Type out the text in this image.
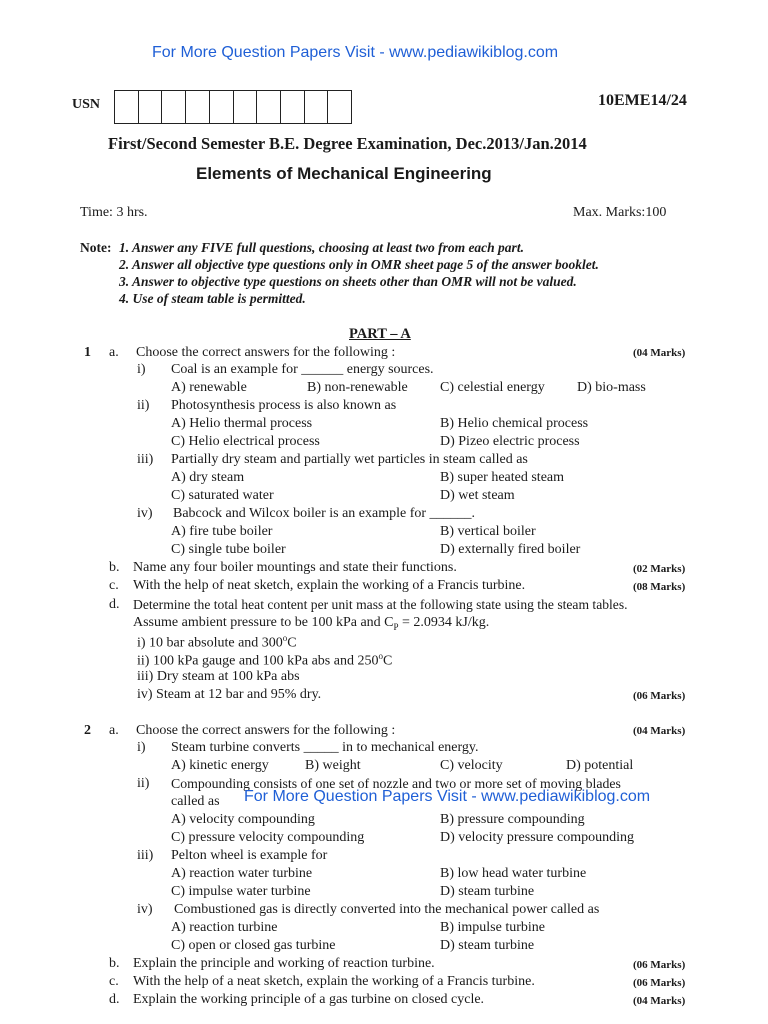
For More Question Papers Visit - www.pediawikiblog.com
USN	10EME14/24
First/Second Semester B.E. Degree Examination, Dec.2013/Jan.2014
Elements of Mechanical Engineering
Time: 3 hrs.	Max. Marks:100
Note: 1. Answer any FIVE full questions, choosing at least two from each part.
2. Answer all objective type questions only in OMR sheet page 5 of the answer booklet.
3. Answer to objective type questions on sheets other than OMR will not be valued.
4. Use of steam table is permitted.
PART – A
1 a. Choose the correct answers for the following :	(04 Marks)
i) Coal is an example for ______ energy sources.
A) renewable	B) non-renewable C) celestial energy D) bio-mass
ii) Photosynthesis process is also known as
A) Helio thermal process	B) Helio chemical process
C) Helio electrical process	D) Pizeo electric process
iii) Partially dry steam and partially wet particles in steam called as
A) dry steam	B) super heated steam
C) saturated water	D) wet steam
iv) Babcock and Wilcox boiler is an example for ______.
A) fire tube boiler	B) vertical boiler
C) single tube boiler	D) externally fired boiler
b. Name any four boiler mountings and state their functions.	(02 Marks)
c. With the help of neat sketch, explain the working of a Francis turbine.	(08 Marks)
d. Determine the total heat content per unit mass at the following state using the steam tables.
Assume ambient pressure to be 100 kPa and $C_P = 2.0934$ kJ/kg.
i) 10 bar absolute and 300$^o$C
ii) 100 kPa gauge and 100 kPa abs and 250$^o$C
iii) Dry steam at 100 kPa abs
iv) Steam at 12 bar and 95% dry.	(06 Marks)
2 a. Choose the correct answers for the following :	(04 Marks)
i) Steam turbine converts _____ in to mechanical energy.
A) kinetic energy	B) weight	C) velocity	D) potential
ii) Compounding consists of one set of nozzle and two or more set of moving blades
called as For More Question Papers Visit - www.pediawikiblog.com
A) velocity compounding	B) pressure compounding
C) pressure velocity compounding	D) velocity pressure compounding
iii) Pelton wheel is example for
A) reaction water turbine	B) low head water turbine
C) impulse water turbine	D) steam turbine
iv) Combustioned gas is directly converted into the mechanical power called as
A) reaction turbine	B) impulse turbine
C) open or closed gas turbine	D) steam turbine
b. Explain the principle and working of reaction turbine.	(06 Marks)
c. With the help of a neat sketch, explain the working of a Francis turbine.	(06 Marks)
d. Explain the working principle of a gas turbine on closed cycle.	(04 Marks)
